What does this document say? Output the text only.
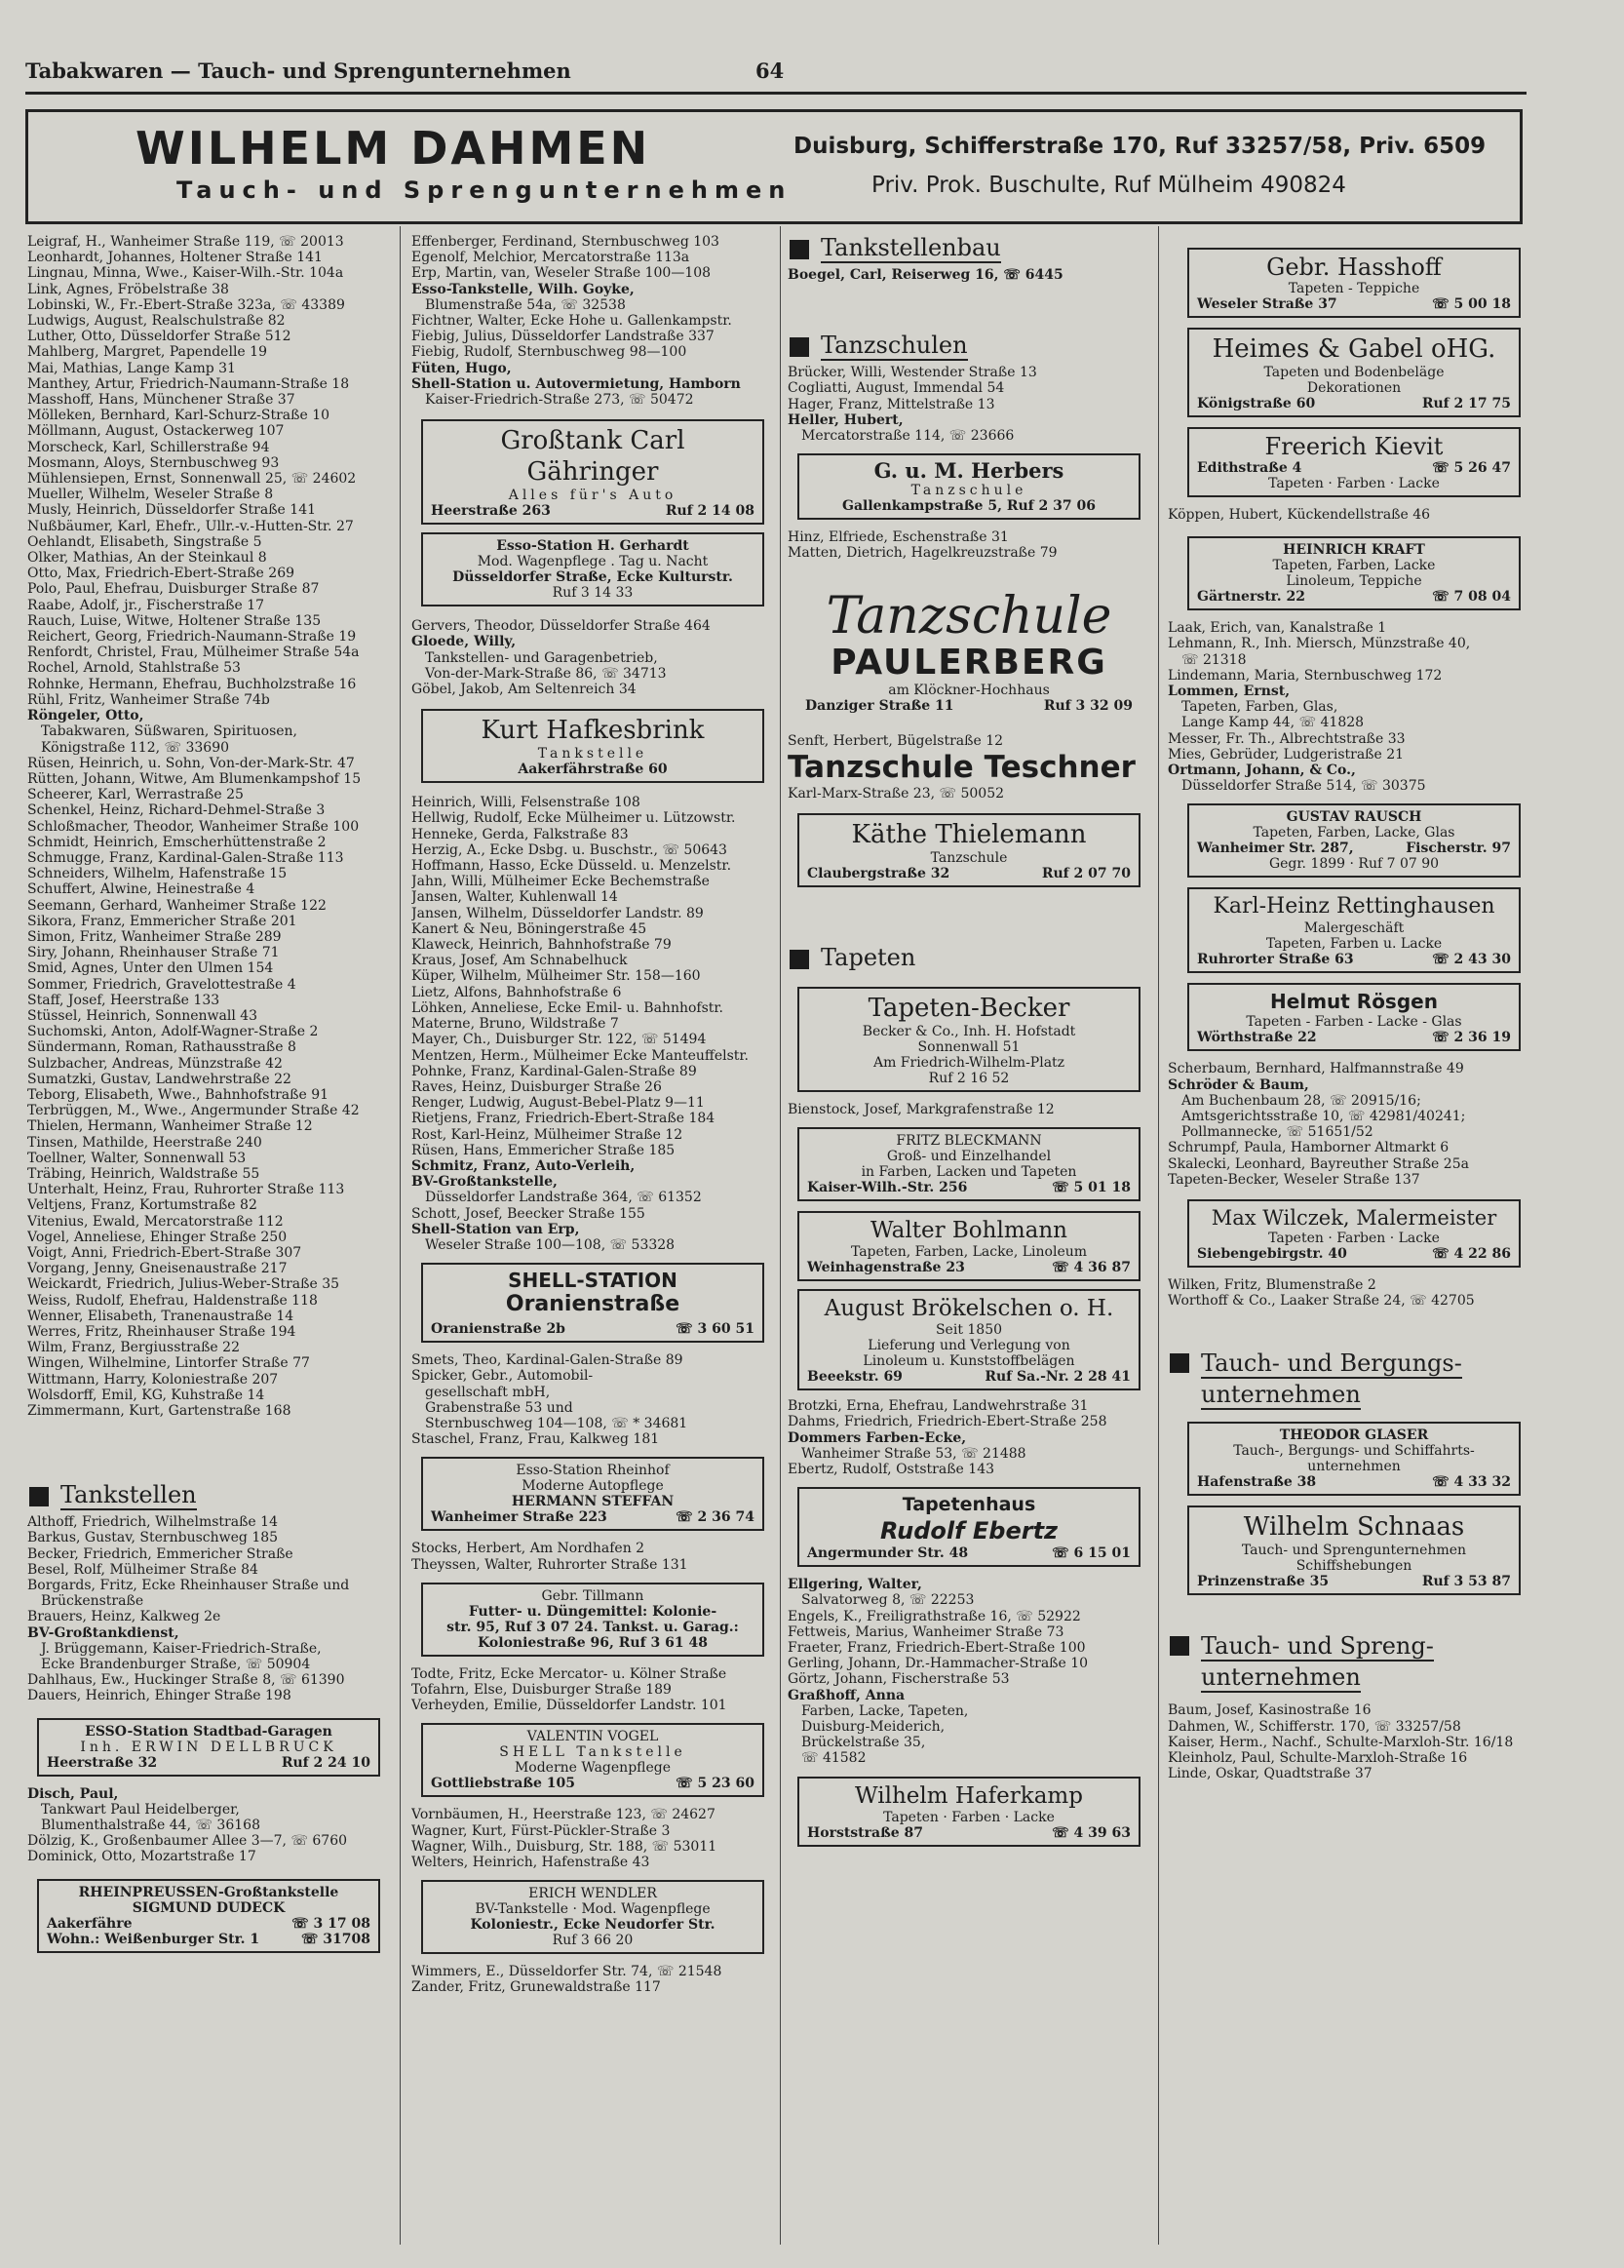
Tabakwaren — Tauch- und Sprengunternehmen	64
WILHELM DAHMEN
Tauch- und Sprengunternehmen
Duisburg, Schifferstraße 170, Ruf 33257/58, Priv. 6509
Priv. Prok. Buschulte, Ruf Mülheim 490824
Leigraf, H., Wanheimer Straße 119, ☏ 20013
Leonhardt, Johannes, Holtener Straße 141
Lingnau, Minna, Wwe., Kaiser-Wilh.-Str. 104a
Link, Agnes, Fröbelstraße 38
Lobinski, W., Fr.-Ebert-Straße 323a, ☏ 43389
Ludwigs, August, Realschulstraße 82
Luther, Otto, Düsseldorfer Straße 512
Mahlberg, Margret, Papendelle 19
Mai, Mathias, Lange Kamp 31
Manthey, Artur, Friedrich-Naumann-Straße 18
Masshoff, Hans, Münchener Straße 37
Mölleken, Bernhard, Karl-Schurz-Straße 10
Möllmann, August, Ostackerweg 107
Morscheck, Karl, Schillerstraße 94
Mosmann, Aloys, Sternbuschweg 93
Mühlensiepen, Ernst, Sonnenwall 25, ☏ 24602
Mueller, Wilhelm, Weseler Straße 8
Musly, Heinrich, Düsseldorfer Straße 141
Nußbäumer, Karl, Ehefr., Ullr.-v.-Hutten-Str. 27
Oehlandt, Elisabeth, Singstraße 5
Olker, Mathias, An der Steinkaul 8
Otto, Max, Friedrich-Ebert-Straße 269
Polo, Paul, Ehefrau, Duisburger Straße 87
Raabe, Adolf, jr., Fischerstraße 17
Rauch, Luise, Witwe, Holtener Straße 135
Reichert, Georg, Friedrich-Naumann-Straße 19
Renfordt, Christel, Frau, Mülheimer Straße 54a
Rochel, Arnold, Stahlstraße 53
Rohnke, Hermann, Ehefrau, Buchholzstraße 16
Rühl, Fritz, Wanheimer Straße 74b
Röngeler, Otto,
Tabakwaren, Süßwaren, Spirituosen,
Königstraße 112, ☏ 33690
Rüsen, Heinrich, u. Sohn, Von-der-Mark-Str. 47
Rütten, Johann, Witwe, Am Blumenkampshof 15
Scheerer, Karl, Werrastraße 25
Schenkel, Heinz, Richard-Dehmel-Straße 3
Schloßmacher, Theodor, Wanheimer Straße 100
Schmidt, Heinrich, Emscherhüttenstraße 2
Schmugge, Franz, Kardinal-Galen-Straße 113
Schneiders, Wilhelm, Hafenstraße 15
Schuffert, Alwine, Heinestraße 4
Seemann, Gerhard, Wanheimer Straße 122
Sikora, Franz, Emmericher Straße 201
Simon, Fritz, Wanheimer Straße 289
Siry, Johann, Rheinhauser Straße 71
Smid, Agnes, Unter den Ulmen 154
Sommer, Friedrich, Gravelottestraße 4
Staff, Josef, Heerstraße 133
Stüssel, Heinrich, Sonnenwall 43
Suchomski, Anton, Adolf-Wagner-Straße 2
Sündermann, Roman, Rathausstraße 8
Sulzbacher, Andreas, Münzstraße 42
Sumatzki, Gustav, Landwehrstraße 22
Teborg, Elisabeth, Wwe., Bahnhofstraße 91
Terbrüggen, M., Wwe., Angermunder Straße 42
Thielen, Hermann, Wanheimer Straße 12
Tinsen, Mathilde, Heerstraße 240
Toellner, Walter, Sonnenwall 53
Träbing, Heinrich, Waldstraße 55
Unterhalt, Heinz, Frau, Ruhrorter Straße 113
Veltjens, Franz, Kortumstraße 82
Vitenius, Ewald, Mercatorstraße 112
Vogel, Anneliese, Ehinger Straße 250
Voigt, Anni, Friedrich-Ebert-Straße 307
Vorgang, Jenny, Gneisenaustraße 217
Weickardt, Friedrich, Julius-Weber-Straße 35
Weiss, Rudolf, Ehefrau, Haldenstraße 118
Wenner, Elisabeth, Tranenaustraße 14
Werres, Fritz, Rheinhauser Straße 194
Wilm, Franz, Bergiusstraße 22
Wingen, Wilhelmine, Lintorfer Straße 77
Wittmann, Harry, Koloniestraße 207
Wolsdorff, Emil, KG, Kuhstraße 14
Zimmermann, Kurt, Gartenstraße 168
Tankstellen
Althoff, Friedrich, Wilhelmstraße 14
Barkus, Gustav, Sternbuschweg 185
Becker, Friedrich, Emmericher Straße
Besel, Rolf, Mülheimer Straße 84
Borgards, Fritz, Ecke Rheinhauser Straße und
Brückenstraße
Brauers, Heinz, Kalkweg 2e
BV-Großtankdienst,
J. Brüggemann, Kaiser-Friedrich-Straße,
Ecke Brandenburger Straße, ☏ 50904
Dahlhaus, Ew., Huckinger Straße 8, ☏ 61390
Dauers, Heinrich, Ehinger Straße 198
ESSO-Station Stadtbad-Garagen
Inh. ERWIN DELLBRUCK
Heerstraße 32	Ruf 2 24 10
Disch, Paul,
Tankwart Paul Heidelberger,
Blumenthalstraße 44, ☏ 36168
Dölzig, K., Großenbaumer Allee 3—7, ☏ 6760
Dominick, Otto, Mozartstraße 17
RHEINPREUSSEN-Großtankstelle
SIGMUND DUDECK
Aakerfähre	☏ 3 17 08
Wohn.: Weißenburger Str. 1	☏ 31708
Effenberger, Ferdinand, Sternbuschweg 103
Egenolf, Melchior, Mercatorstraße 113a
Erp, Martin, van, Weseler Straße 100—108
Esso-Tankstelle, Wilh. Goyke,
Blumenstraße 54a, ☏ 32538
Fichtner, Walter, Ecke Hohe u. Gallenkampstr.
Fiebig, Julius, Düsseldorfer Landstraße 337
Fiebig, Rudolf, Sternbuschweg 98—100
Füten, Hugo,
Shell-Station u. Autovermietung, Hamborn
Kaiser-Friedrich-Straße 273, ☏ 50472
Großtank Carl Gähringer
Alles für's Auto
Heerstraße 263	Ruf 2 14 08
Esso-Station H. Gerhardt
Mod. Wagenpflege . Tag u. Nacht
Düsseldorfer Straße, Ecke Kulturstr.
Ruf 3 14 33
Gervers, Theodor, Düsseldorfer Straße 464
Gloede, Willy,
Tankstellen- und Garagenbetrieb,
Von-der-Mark-Straße 86, ☏ 34713
Göbel, Jakob, Am Seltenreich 34
Kurt Hafkesbrink
Tankstelle
Aakerfährstraße 60
Heinrich, Willi, Felsenstraße 108
Hellwig, Rudolf, Ecke Mülheimer u. Lützowstr.
Henneke, Gerda, Falkstraße 83
Herzig, A., Ecke Dsbg. u. Buschstr., ☏ 50643
Hoffmann, Hasso, Ecke Düsseld. u. Menzelstr.
Jahn, Willi, Mülheimer Ecke Bechemstraße
Jansen, Walter, Kuhlenwall 14
Jansen, Wilhelm, Düsseldorfer Landstr. 89
Kanert & Neu, Böningerstraße 45
Klaweck, Heinrich, Bahnhofstraße 79
Kraus, Josef, Am Schnabelhuck
Küper, Wilhelm, Mülheimer Str. 158—160
Lietz, Alfons, Bahnhofstraße 6
Löhken, Anneliese, Ecke Emil- u. Bahnhofstr.
Materne, Bruno, Wildstraße 7
Mayer, Ch., Duisburger Str. 122, ☏ 51494
Mentzen, Herm., Mülheimer Ecke Manteuffelstr.
Pohnke, Franz, Kardinal-Galen-Straße 89
Raves, Heinz, Duisburger Straße 26
Renger, Ludwig, August-Bebel-Platz 9—11
Rietjens, Franz, Friedrich-Ebert-Straße 184
Rost, Karl-Heinz, Mülheimer Straße 12
Rüsen, Hans, Emmericher Straße 185
Schmitz, Franz, Auto-Verleih,
BV-Großtankstelle,
Düsseldorfer Landstraße 364, ☏ 61352
Schott, Josef, Beecker Straße 155
Shell-Station van Erp,
Weseler Straße 100—108, ☏ 53328
SHELL-STATION
Oranienstraße
Oranienstraße 2b	☏ 3 60 51
Smets, Theo, Kardinal-Galen-Straße 89
Spicker, Gebr., Automobil-
gesellschaft mbH,
Grabenstraße 53 und
Sternbuschweg 104—108, ☏ * 34681
Staschel, Franz, Frau, Kalkweg 181
Esso-Station Rheinhof
Moderne Autopflege
HERMANN STEFFAN
Wanheimer Straße 223	☏ 2 36 74
Stocks, Herbert, Am Nordhafen 2
Theyssen, Walter, Ruhrorter Straße 131
Gebr. Tillmann
Futter- u. Düngemittel: Kolonie-
str. 95, Ruf 3 07 24. Tankst. u. Garag.:
Koloniestraße 96, Ruf 3 61 48
Todte, Fritz, Ecke Mercator- u. Kölner Straße
Tofahrn, Else, Duisburger Straße 189
Verheyden, Emilie, Düsseldorfer Landstr. 101
VALENTIN VOGEL
SHELL Tankstelle
Moderne Wagenpflege
Gottliebstraße 105	☏ 5 23 60
Vornbäumen, H., Heerstraße 123, ☏ 24627
Wagner, Kurt, Fürst-Pückler-Straße 3
Wagner, Wilh., Duisburg, Str. 188, ☏ 53011
Welters, Heinrich, Hafenstraße 43
ERICH WENDLER
BV-Tankstelle · Mod. Wagenpflege
Koloniestr., Ecke Neudorfer Str.
Ruf 3 66 20
Wimmers, E., Düsseldorfer Str. 74, ☏ 21548
Zander, Fritz, Grunewaldstraße 117
Tankstellenbau
Boegel, Carl, Reiserweg 16, ☏ 6445
Tanzschulen
Brücker, Willi, Westender Straße 13
Cogliatti, August, Immendal 54
Hager, Franz, Mittelstraße 13
Heller, Hubert,
Mercatorstraße 114, ☏ 23666
G. u. M. Herbers
Tanzschule
Gallenkampstraße 5, Ruf 2 37 06
Hinz, Elfriede, Eschenstraße 31
Matten, Dietrich, Hagelkreuzstraße 79
Tanzschule
PAULERBERG
am Klöckner-Hochhaus
Danziger Straße 11	Ruf 3 32 09
Senft, Herbert, Bügelstraße 12
Tanzschule Teschner
Karl-Marx-Straße 23, ☏ 50052
Käthe Thielemann
Tanzschule
Claubergstraße 32	Ruf 2 07 70
Tapeten
Tapeten-Becker
Becker & Co., Inh. H. Hofstadt
Sonnenwall 51
Am Friedrich-Wilhelm-Platz
Ruf 2 16 52
Bienstock, Josef, Markgrafenstraße 12
FRITZ BLECKMANN
Groß- und Einzelhandel
in Farben, Lacken und Tapeten
Kaiser-Wilh.-Str. 256	☏ 5 01 18
Walter Bohlmann
Tapeten, Farben, Lacke, Linoleum
Weinhagenstraße 23	☏ 4 36 87
August Brökelschen o. H.
Seit 1850
Lieferung und Verlegung von
Linoleum u. Kunststoffbelägen
Beeekstr. 69	Ruf Sa.-Nr. 2 28 41
Brotzki, Erna, Ehefrau, Landwehrstraße 31
Dahms, Friedrich, Friedrich-Ebert-Straße 258
Dommers Farben-Ecke,
Wanheimer Straße 53, ☏ 21488
Ebertz, Rudolf, Oststraße 143
Tapetenhaus
Rudolf Ebertz
Angermunder Str. 48	☏ 6 15 01
Ellgering, Walter,
Salvatorweg 8, ☏ 22253
Engels, K., Freiligrathstraße 16, ☏ 52922
Fettweis, Marius, Wanheimer Straße 73
Fraeter, Franz, Friedrich-Ebert-Straße 100
Gerling, Johann, Dr.-Hammacher-Straße 10
Görtz, Johann, Fischerstraße 53
Graßhoff, Anna
Farben, Lacke, Tapeten,
Duisburg-Meiderich,
Brückelstraße 35,
☏ 41582
Wilhelm Haferkamp
Tapeten · Farben · Lacke
Horststraße 87	☏ 4 39 63
Gebr. Hasshoff
Tapeten - Teppiche
Weseler Straße 37	☏ 5 00 18
Heimes & Gabel oHG.
Tapeten und Bodenbeläge
Dekorationen
Königstraße 60	Ruf 2 17 75
Freerich Kievit
Edithstraße 4	☏ 5 26 47
Tapeten · Farben · Lacke
Köppen, Hubert, Kückendellstraße 46
HEINRICH KRAFT
Tapeten, Farben, Lacke
Linoleum, Teppiche
Gärtnerstr. 22	☏ 7 08 04
Laak, Erich, van, Kanalstraße 1
Lehmann, R., Inh. Miersch, Münzstraße 40,
☏ 21318
Lindemann, Maria, Sternbuschweg 172
Lommen, Ernst,
Tapeten, Farben, Glas,
Lange Kamp 44, ☏ 41828
Messer, Fr. Th., Albrechtstraße 33
Mies, Gebrüder, Ludgeristraße 21
Ortmann, Johann, & Co.,
Düsseldorfer Straße 514, ☏ 30375
GUSTAV RAUSCH
Tapeten, Farben, Lacke, Glas
Wanheimer Str. 287,	Fischerstr. 97
Gegr. 1899 · Ruf 7 07 90
Karl-Heinz Rettinghausen
Malergeschäft
Tapeten, Farben u. Lacke
Ruhrorter Straße 63	☏ 2 43 30
Helmut Rösgen
Tapeten - Farben - Lacke - Glas
Wörthstraße 22	☏ 2 36 19
Scherbaum, Bernhard, Halfmannstraße 49
Schröder & Baum,
Am Buchenbaum 28, ☏ 20915/16;
Amtsgerichtsstraße 10, ☏ 42981/40241;
Pollmannecke, ☏ 51651/52
Schrumpf, Paula, Hamborner Altmarkt 6
Skalecki, Leonhard, Bayreuther Straße 25a
Tapeten-Becker, Weseler Straße 137
Max Wilczek, Malermeister
Tapeten · Farben · Lacke
Siebengebirgstr. 40	☏ 4 22 86
Wilken, Fritz, Blumenstraße 2
Worthoff & Co., Laaker Straße 24, ☏ 42705
Tauch- und Bergungs-
unternehmen
THEODOR GLASER
Tauch-, Bergungs- und Schiffahrts-
unternehmen
Hafenstraße 38	☏ 4 33 32
Wilhelm Schnaas
Tauch- und Sprengunternehmen
Schiffshebungen
Prinzenstraße 35	Ruf 3 53 87
Tauch- und Spreng-
unternehmen
Baum, Josef, Kasinostraße 16
Dahmen, W., Schifferstr. 170, ☏ 33257/58
Kaiser, Herm., Nachf., Schulte-Marxloh-Str. 16/18
Kleinholz, Paul, Schulte-Marxloh-Straße 16
Linde, Oskar, Quadtstraße 37
